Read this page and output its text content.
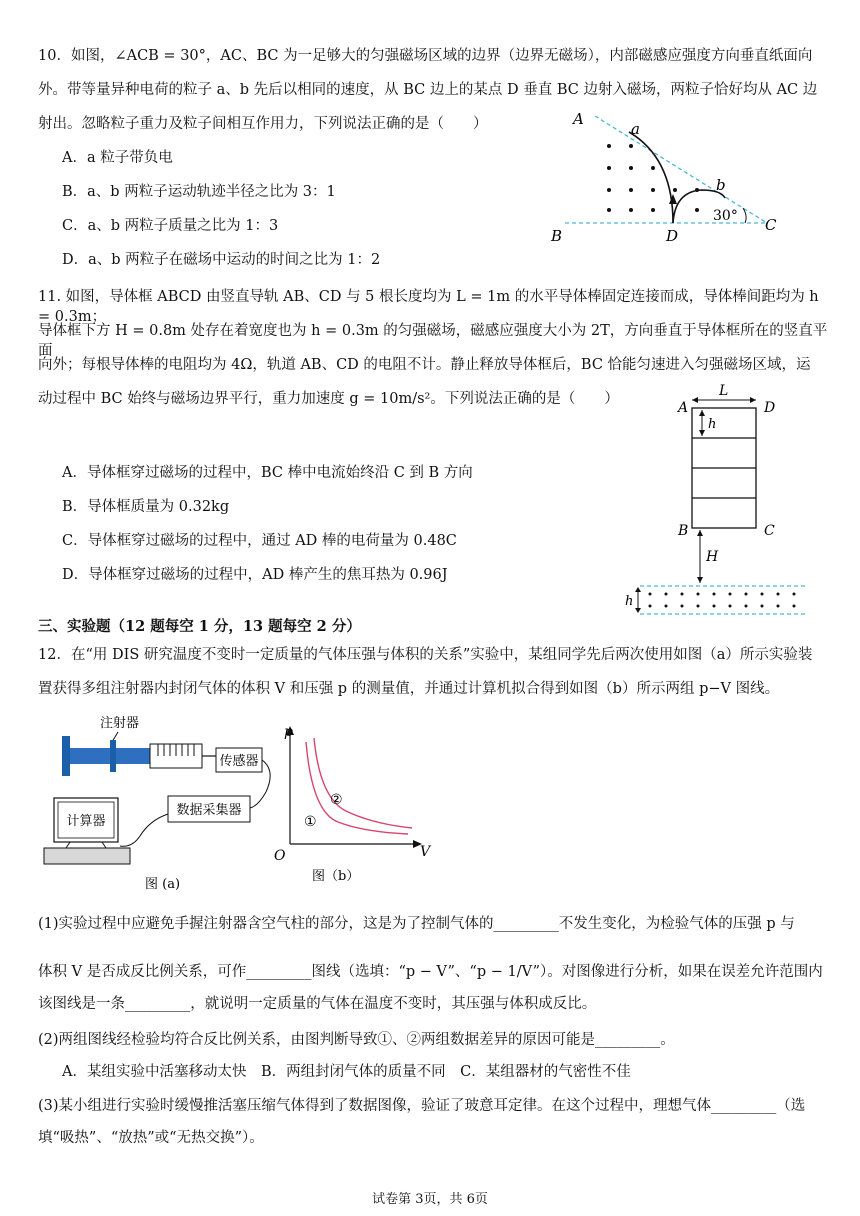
10．如图，∠ACB = 30°，AC、BC 为一足够大的匀强磁场区域的边界（边界无磁场），内部磁感应强度方向垂直纸面向
外。带等量异种电荷的粒子 a、b 先后以相同的速度，从 BC 边上的某点 D 垂直 BC 边射入磁场，两粒子恰好均从 AC 边
射出。忽略粒子重力及粒子间相互作用力，下列说法正确的是（　　）
A．a 粒子带负电
B．a、b 两粒子运动轨迹半径之比为 3：1
C．a、b 两粒子质量之比为 1：3
D．a、b 两粒子在磁场中运动的时间之比为 1：2
A
a
b
B	D
C
30°
11. 如图，导体框 ABCD 由竖直导轨 AB、CD 与 5 根长度均为 L = 1m 的水平导体棒固定连接而成，导体棒间距均为 h = 0.3m；
导体框下方 H = 0.8m 处存在着宽度也为 h = 0.3m 的匀强磁场，磁感应强度大小为 2T，方向垂直于导体框所在的竖直平面
向外；每根导体棒的电阻均为 4Ω，轨道 AB、CD 的电阻不计。静止释放导体框后，BC 恰能匀速进入匀强磁场区域，运
动过程中 BC 始终与磁场边界平行，重力加速度 g = 10m/s²。下列说法正确的是（　　）
A．导体框穿过磁场的过程中，BC 棒中电流始终沿 C 到 B 方向
B．导体框质量为 0.32kg
C．导体框穿过磁场的过程中，通过 AD 棒的电荷量为 0.48C
D．导体框穿过磁场的过程中，AD 棒产生的焦耳热为 0.96J
L
h
A	D
B	C
H
h
三、实验题（12 题每空 1 分，13 题每空 2 分）
12．在“用 DIS 研究温度不变时一定质量的气体压强与体积的关系”实验中，某组同学先后两次使用如图（a）所示实验装
置获得多组注射器内封闭气体的体积 V 和压强 p 的测量值，并通过计算机拟合得到如图（b）所示两组 p−V 图线。
注射器
传感器
数据采集器
计算器
图 (a)
p
V
O
②
①
图（b）
(1)实验过程中应避免手握注射器含空气柱的部分，这是为了控制气体的_________不发生变化，为检验气体的压强 p 与
体积 V 是否成反比例关系，可作_________图线（选填：“p − V”、“p − 1/V”）。对图像进行分析，如果在误差允许范围内
该图线是一条_________，就说明一定质量的气体在温度不变时，其压强与体积成反比。
(2)两组图线经检验均符合反比例关系，由图判断导致①、②两组数据差异的原因可能是_________。
A．某组实验中活塞移动太快　B．两组封闭气体的质量不同　C．某组器材的气密性不佳
(3)某小组进行实验时缓慢推活塞压缩气体得到了数据图像，验证了玻意耳定律。在这个过程中，理想气体_________（选
填“吸热”、“放热”或“无热交换”）。
试卷第 3页，共 6页
